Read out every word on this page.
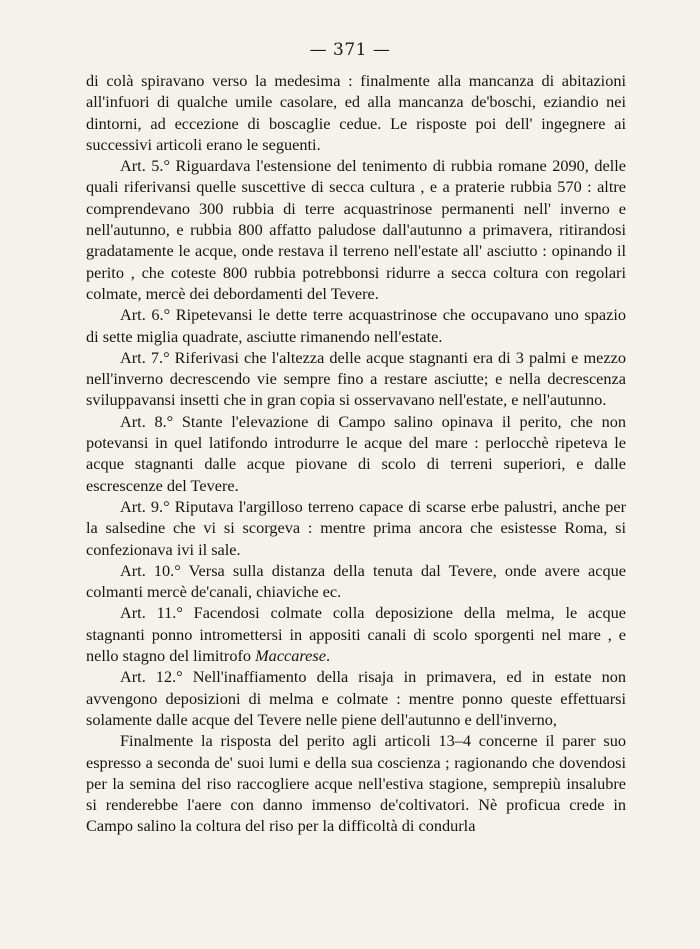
— 371 —

di colà spiravano verso la medesima : finalmente alla mancanza di abitazioni all'infuori di qualche umile casolare, ed alla mancanza de'boschi, eziandio nei dintorni, ad eccezione di boscaglie cedue. Le risposte poi dell' ingegnere ai successivi articoli erano le seguenti.

Art. 5.° Riguardava l'estensione del tenimento di rubbia romane 2090, delle quali riferivansi quelle suscettive di secca cultura , e a praterie rubbia 570 : altre comprendevano 300 rubbia di terre acquastrinose permanenti nell' inverno e nell'autunno, e rubbia 800 affatto paludose dall'autunno a primavera, ritirandosi gradatamente le acque, onde restava il terreno nell'estate all' asciutto : opinando il perito , che coteste 800 rubbia potrebbonsi ridurre a secca coltura con regolari colmate, mercè dei debordamenti del Tevere.

Art. 6.° Ripetevansi le dette terre acquastrinose che occupavano uno spazio di sette miglia quadrate, asciutte rimanendo nell'estate.

Art. 7.° Riferivasi che l'altezza delle acque stagnanti era di 3 palmi e mezzo nell'inverno decrescendo vie sempre fino a restare asciutte; e nella decrescenza sviluppavansi insetti che in gran copia si osservavano nell'estate, e nell'autunno.

Art. 8.° Stante l'elevazione di Campo salino opinava il perito, che non potevansi in quel latifondo introdurre le acque del mare : perlocchè ripeteva le acque stagnanti dalle acque piovane di scolo di terreni superiori, e dalle escrescenze del Tevere.

Art. 9.° Riputava l'argilloso terreno capace di scarse erbe palustri, anche per la salsedine che vi si scorgeva : mentre prima ancora che esistesse Roma, si confezionava ivi il sale.

Art. 10.° Versa sulla distanza della tenuta dal Tevere, onde avere acque colmanti mercè de'canali, chiaviche ec.

Art. 11.° Facendosi colmate colla deposizione della melma, le acque stagnanti ponno intromettersi in appositi canali di scolo sporgenti nel mare , e nello stagno del limitrofo Maccarese.

Art. 12.° Nell'inaffiamento della risaja in primavera, ed in estate non avvengono deposizioni di melma e colmate : mentre ponno queste effettuarsi solamente dalle acque del Tevere nelle piene dell'autunno e dell'inverno,

Finalmente la risposta del perito agli articoli 13–4 concerne il parer suo espresso a seconda de' suoi lumi e della sua coscienza ; ragionando che dovendosi per la semina del riso raccogliere acque nell'estiva stagione, semprepiù insalubre si renderebbe l'aere con danno immenso de'coltivatori. Nè proficua crede in Campo salino la coltura del riso per la difficoltà di condurla
